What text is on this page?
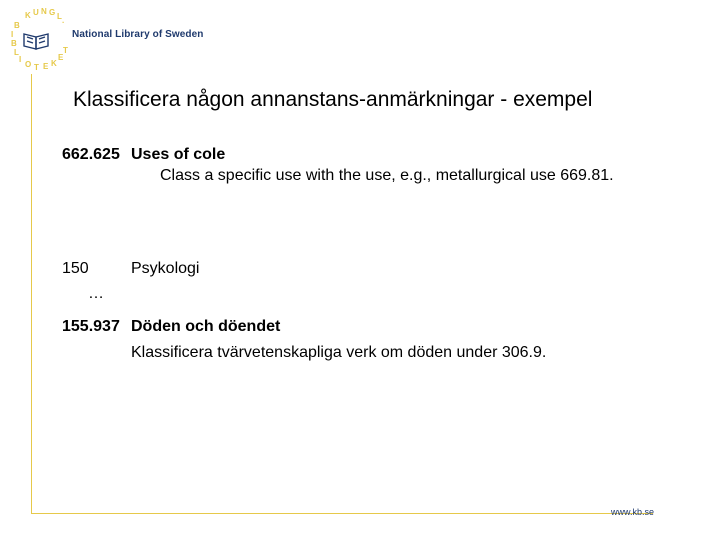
K U N G L . B I B L I O T E K E T
National Library of Sweden
Klassificera någon annanstans-anmärkningar - exempel
662.625 Uses of cole
Class a specific use with the use, e.g., metallurgical use 669.81.
150	Psykologi
…
155.937 Döden och döendet
Klassificera tvärvetenskapliga verk om döden under 306.9.
www.kb.se
